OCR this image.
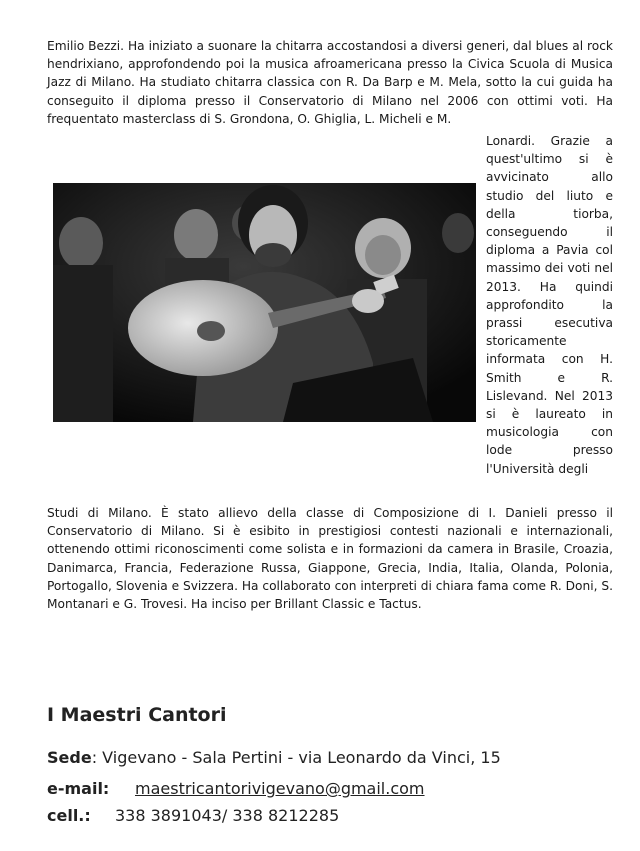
Emilio Bezzi. Ha iniziato a suonare la chitarra accostandosi a diversi generi, dal blues al rock hendrixiano, approfondendo poi la musica afroamericana presso la Civica Scuola di Musica Jazz di Milano. Ha studiato chitarra classica con R. Da Barp e M. Mela, sotto la cui guida ha conseguito il diploma presso il Conservatorio di Milano nel 2006 con ottimi voti. Ha frequentato masterclass di S. Grondona, O. Ghiglia, L. Micheli e M.

Lonardi. Grazie a quest'ultimo si è avvicinato allo studio del liuto e della tiorba, conseguendo il diploma a Pavia col massimo dei voti nel 2013. Ha quindi approfondito la prassi esecutiva storicamente informata con H. Smith e R. Lislevand. Nel 2013 si è laureato in musicologia con lode presso l'Università degli

Studi di Milano. È stato allievo della classe di Composizione di I. Danieli presso il Conservatorio di Milano. Si è esibito in prestigiosi contesti nazionali e internazionali, ottenendo ottimi riconoscimenti come solista e in formazioni da camera in Brasile, Croazia, Danimarca, Francia, Federazione Russa, Giappone, Grecia, India, Italia, Olanda, Polonia, Portogallo, Slovenia e Svizzera. Ha collaborato con interpreti di chiara fama come R. Doni, S. Montanari e G. Trovesi. Ha inciso per Brillant Classic e Tactus.

I Maestri Cantori
Sede: Vigevano - Sala Pertini - via Leonardo da Vinci, 15
e-mail: maestricantorivigevano@gmail.com
cell.: 338 3891043/ 338 8212285
